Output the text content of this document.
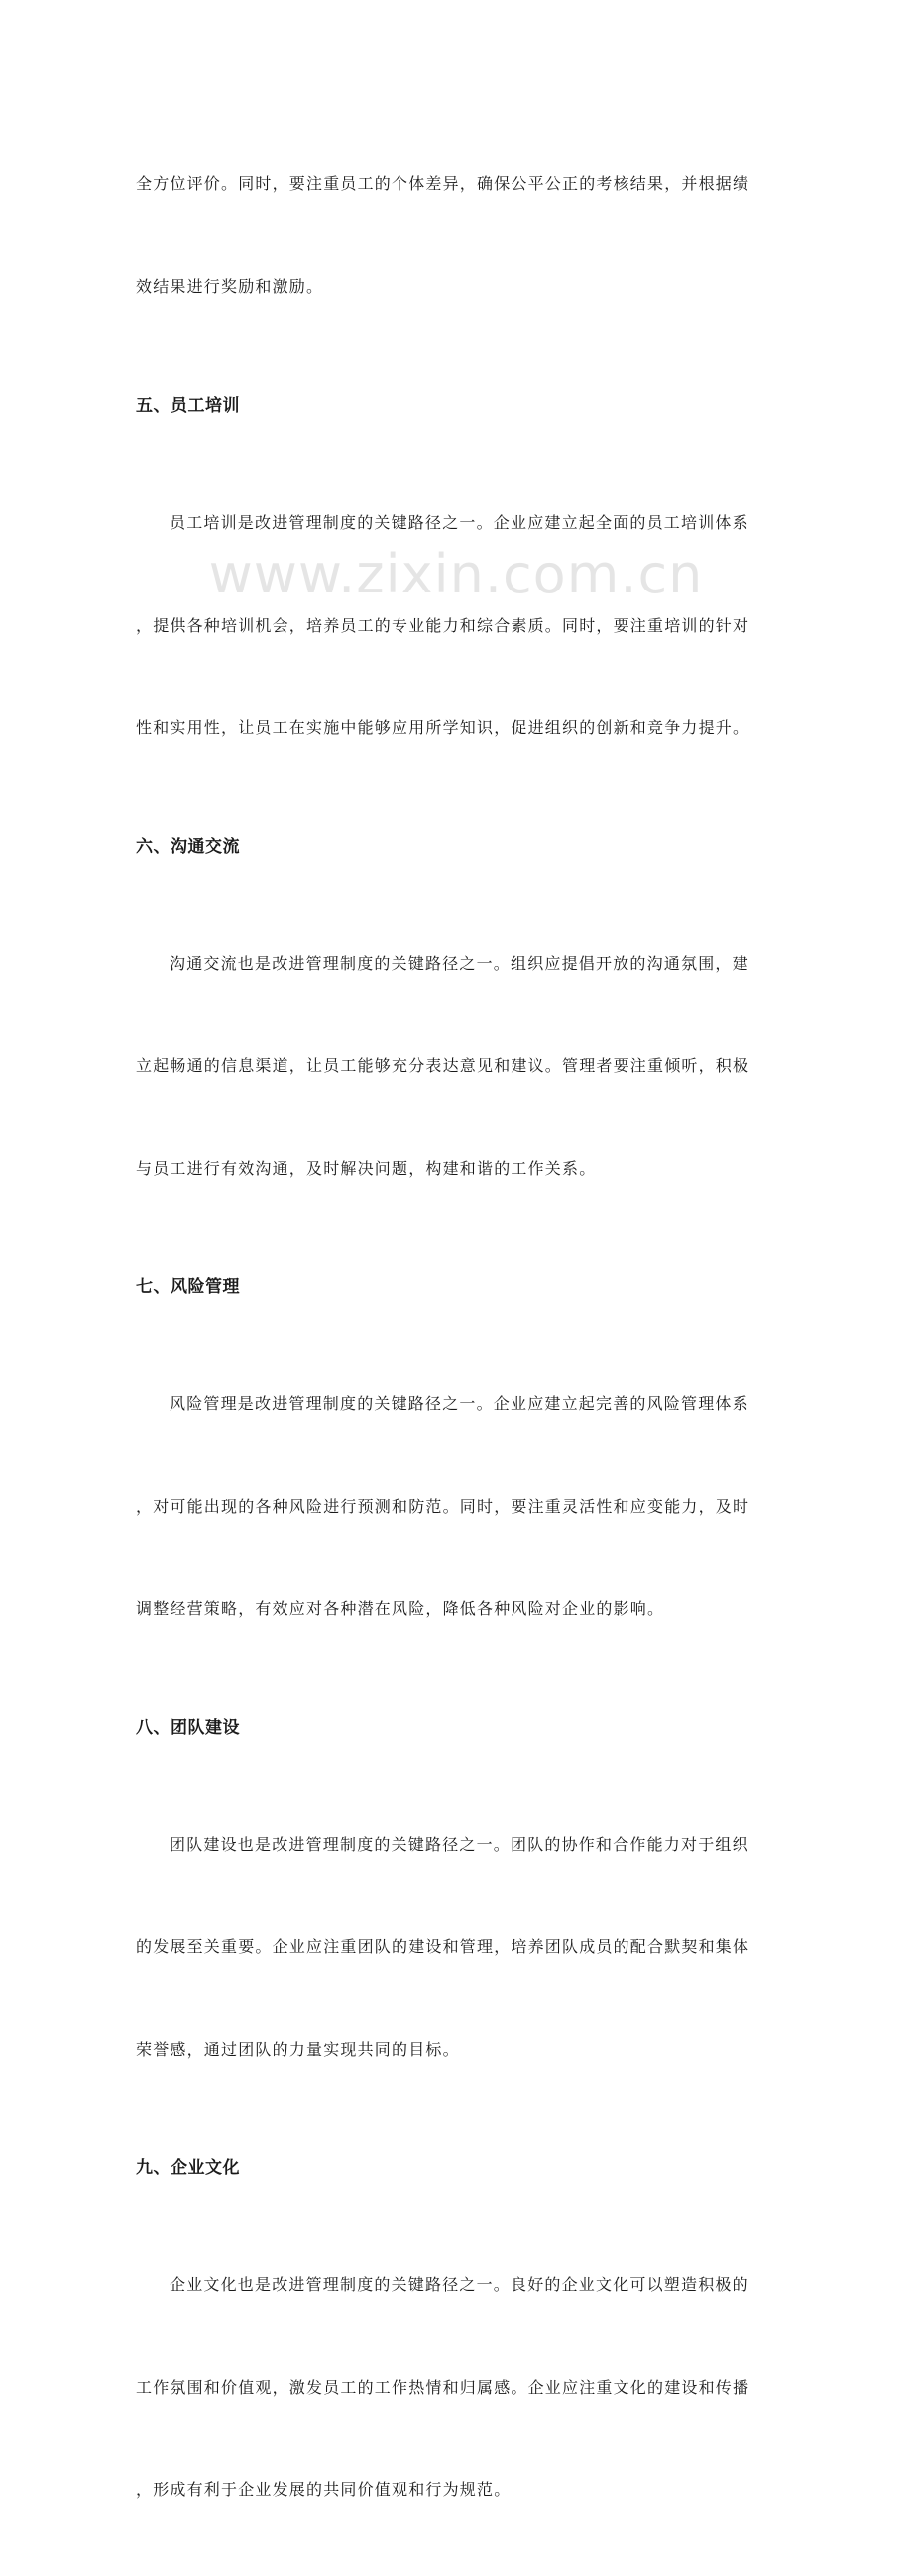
www.zixin.com.cn

全方位评价。同时，要注重员工的个体差异，确保公平公正的考核结果，并根据绩

效结果进行奖励和激励。

五、员工培训

员工培训是改进管理制度的关键路径之一。企业应建立起全面的员工培训体系

，提供各种培训机会，培养员工的专业能力和综合素质。同时，要注重培训的针对

性和实用性，让员工在实施中能够应用所学知识，促进组织的创新和竞争力提升。

六、沟通交流

沟通交流也是改进管理制度的关键路径之一。组织应提倡开放的沟通氛围，建

立起畅通的信息渠道，让员工能够充分表达意见和建议。管理者要注重倾听，积极

与员工进行有效沟通，及时解决问题，构建和谐的工作关系。

七、风险管理

风险管理是改进管理制度的关键路径之一。企业应建立起完善的风险管理体系

，对可能出现的各种风险进行预测和防范。同时，要注重灵活性和应变能力，及时

调整经营策略，有效应对各种潜在风险，降低各种风险对企业的影响。

八、团队建设

团队建设也是改进管理制度的关键路径之一。团队的协作和合作能力对于组织

的发展至关重要。企业应注重团队的建设和管理，培养团队成员的配合默契和集体

荣誉感，通过团队的力量实现共同的目标。

九、企业文化

企业文化也是改进管理制度的关键路径之一。良好的企业文化可以塑造积极的

工作氛围和价值观，激发员工的工作热情和归属感。企业应注重文化的建设和传播

，形成有利于企业发展的共同价值观和行为规范。
